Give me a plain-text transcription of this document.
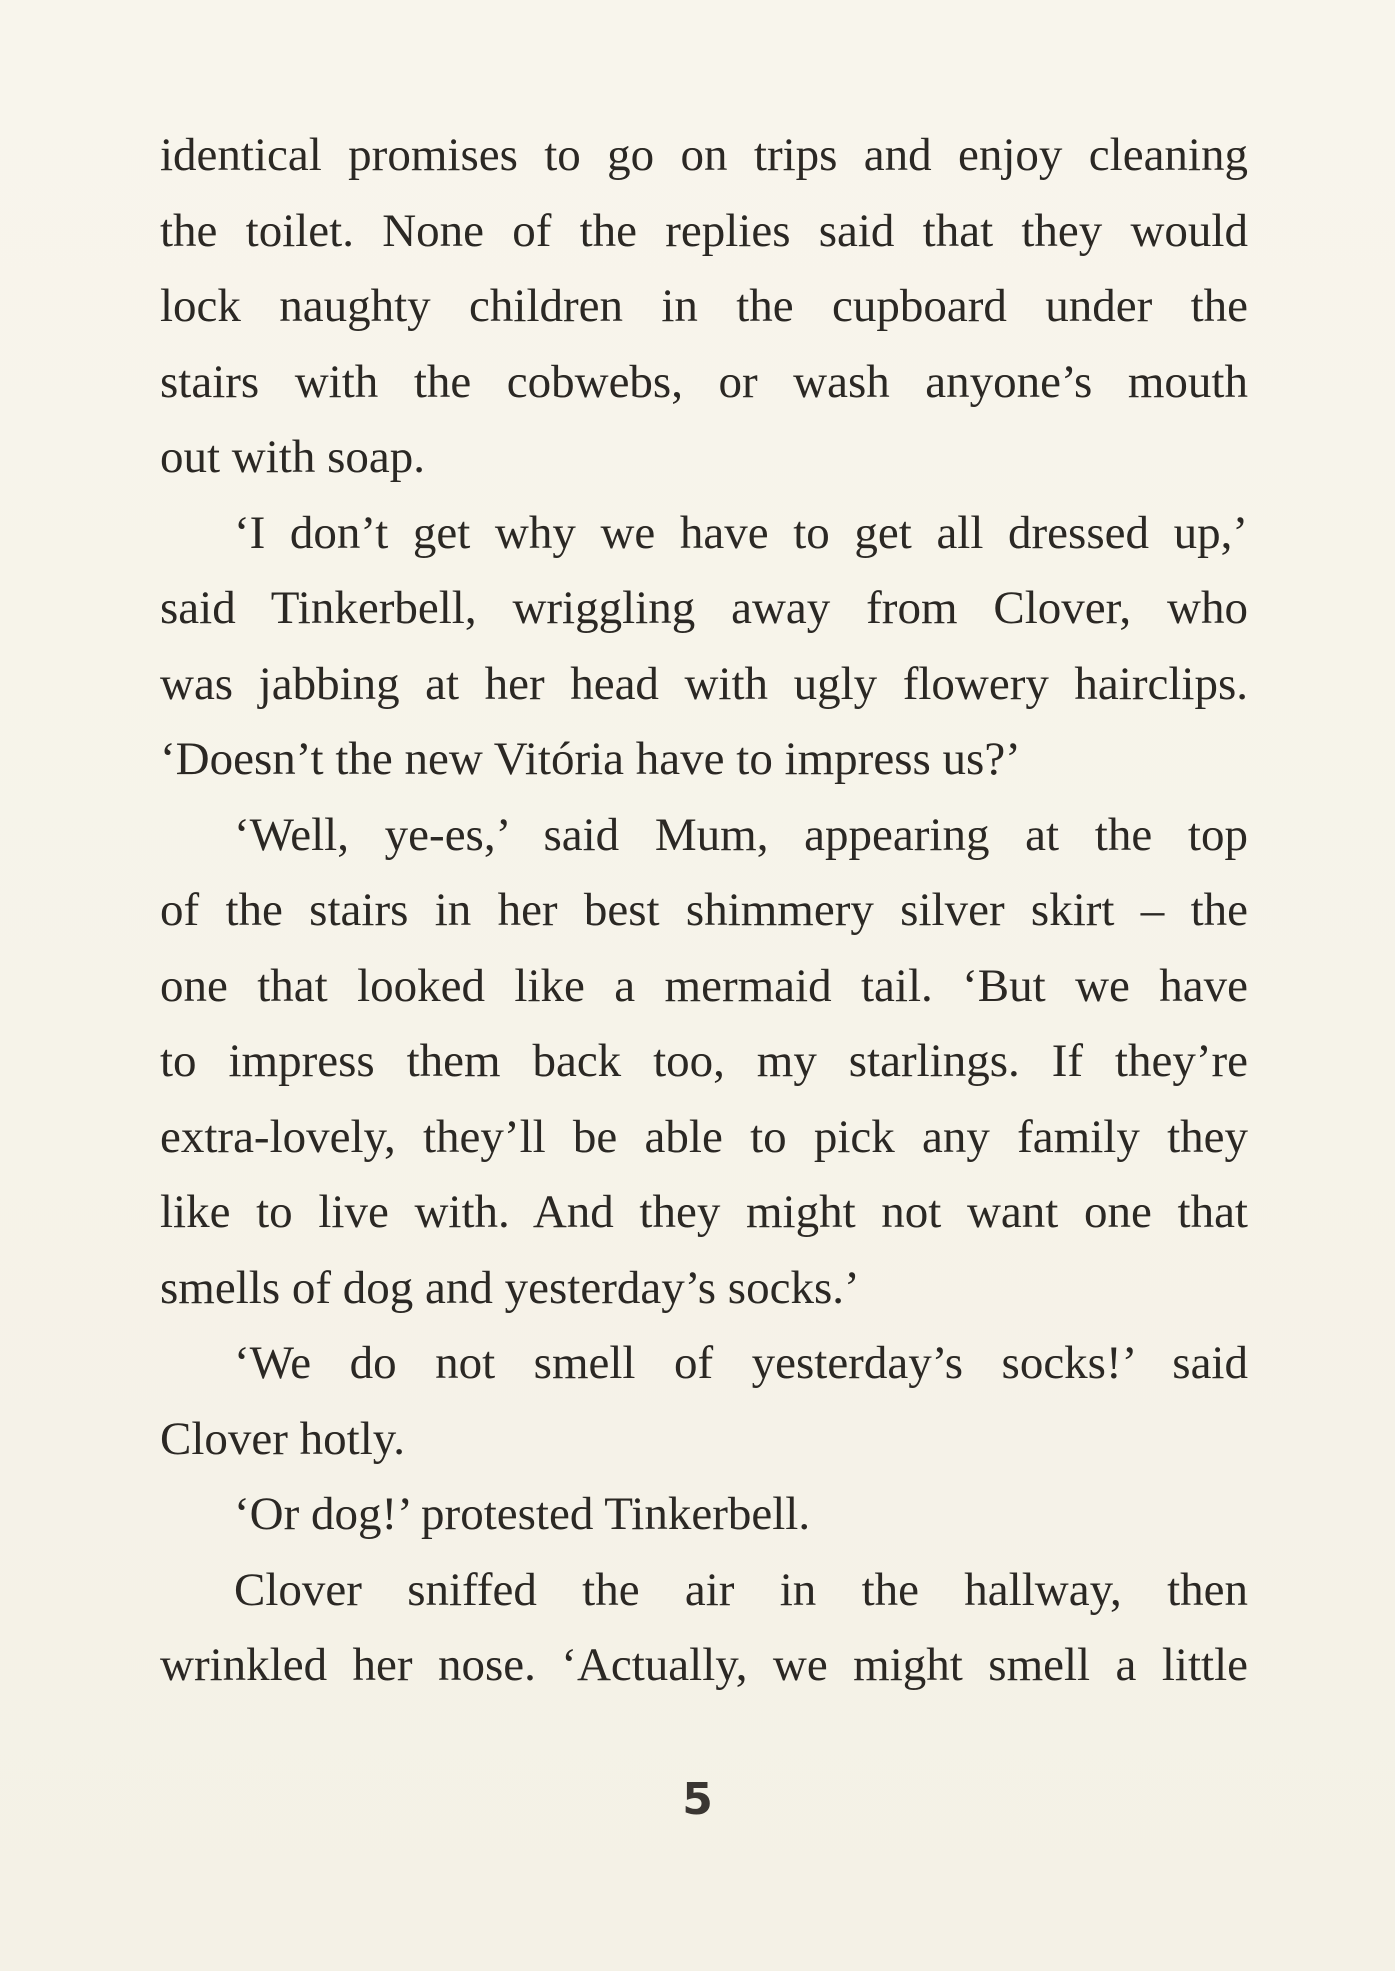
identical promises to go on trips and enjoy cleaning
the toilet. None of the replies said that they would
lock naughty children in the cupboard under the
stairs with the cobwebs, or wash anyone’s mouth
out with soap.
‘I don’t get why we have to get all dressed up,’
said Tinkerbell, wriggling away from Clover, who
was jabbing at her head with ugly flowery hairclips.
‘Doesn’t the new Vitória have to impress us?’
‘Well, ye-es,’ said Mum, appearing at the top
of the stairs in her best shimmery silver skirt – the
one that looked like a mermaid tail. ‘But we have
to impress them back too, my starlings. If they’re
extra-lovely, they’ll be able to pick any family they
like to live with. And they might not want one that
smells of dog and yesterday’s socks.’
‘We do not smell of yesterday’s socks!’ said
Clover hotly.
‘Or dog!’ protested Tinkerbell.
Clover sniffed the air in the hallway, then
wrinkled her nose. ‘Actually, we might smell a little
5
